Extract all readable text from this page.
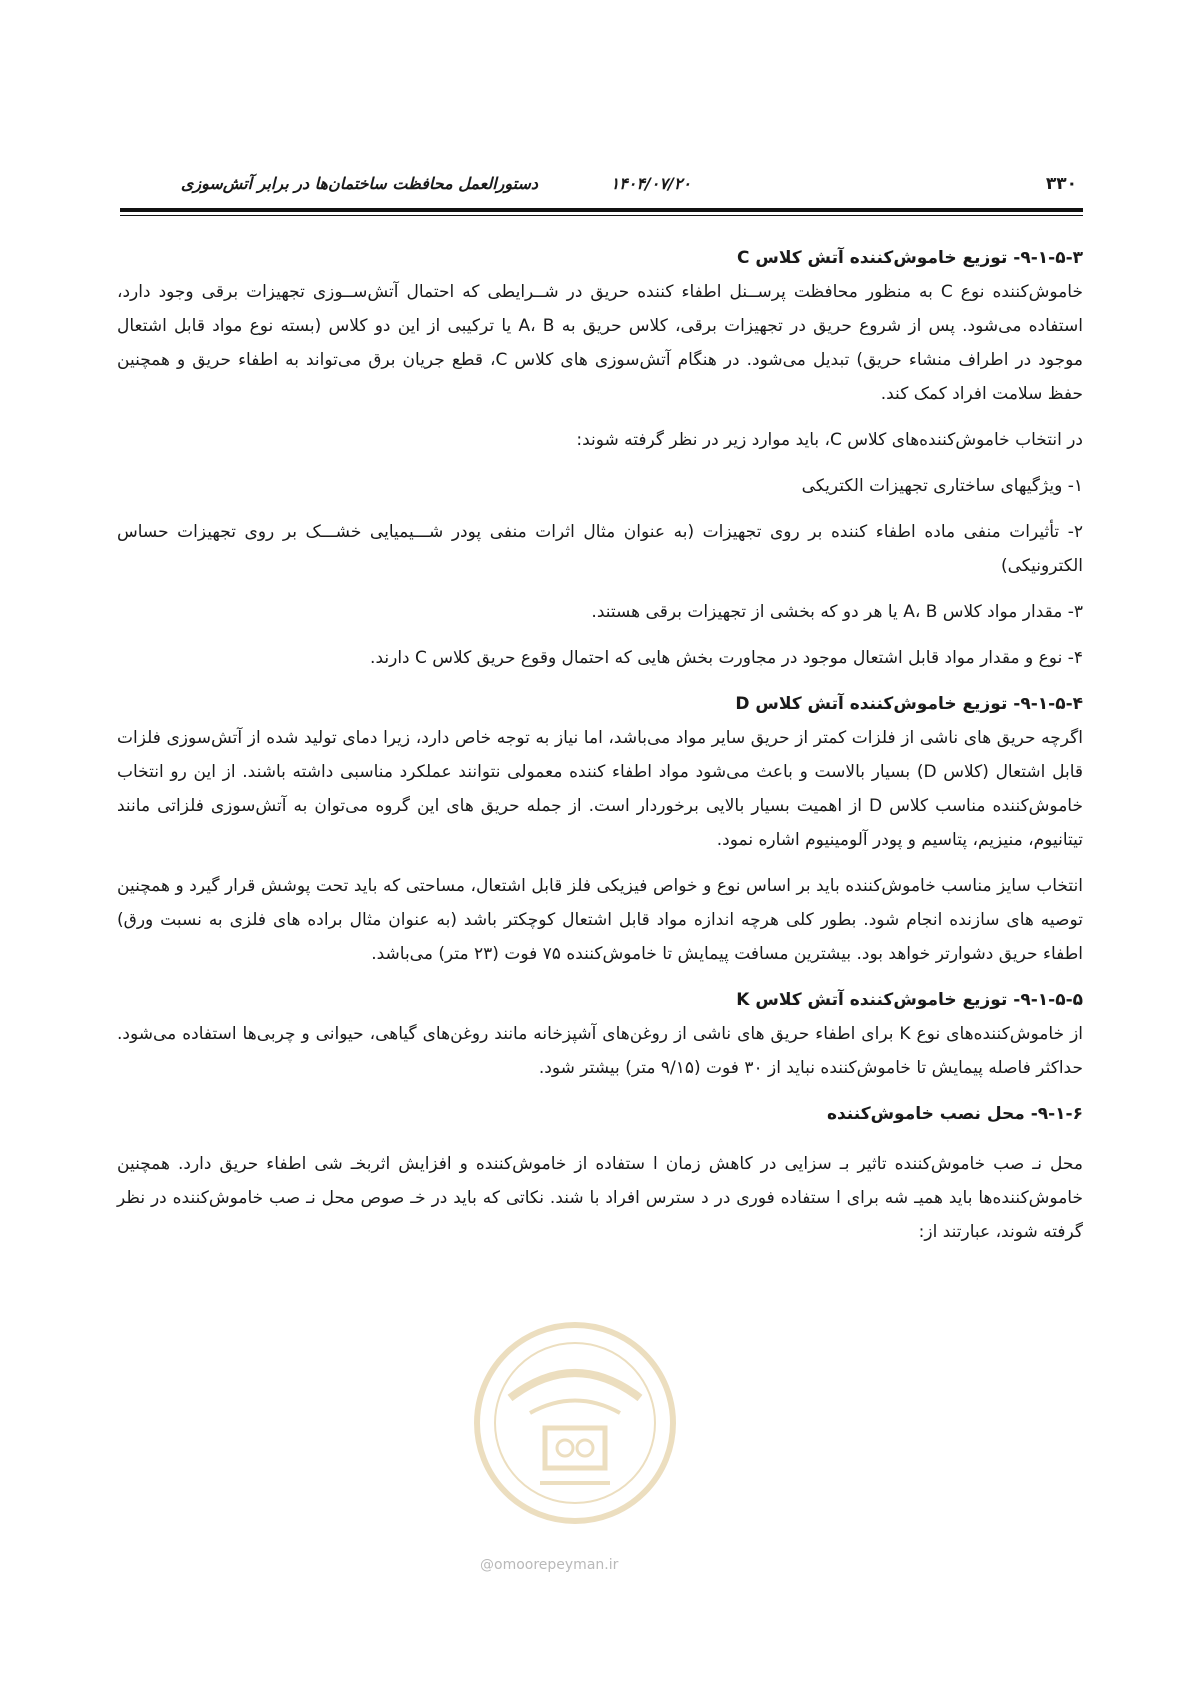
۳۳۰
۱۴۰۴/۰۷/۲۰
دستورالعمل محافظت ساختمان‌ها در برابر آتش‌سوزی
۹-۱-۵-۳- توزیع خاموش‌کننده آتش کلاس C

خاموش‌کننده نوع C به منظور محافظت پرســنل اطفاء کننده حریق در شــرایطی که احتمال آتش‌ســوزی تجهیزات برقی وجود دارد، استفاده می‌شود. پس از شروع حریق در تجهیزات برقی، کلاس حریق به A، B یا ترکیبی از این دو کلاس (بسته نوع مواد قابل اشتعال موجود در اطراف منشاء حریق) تبدیل می‌شود. در هنگام آتش‌سوزی های کلاس C، قطع جریان برق می‌تواند به اطفاء حریق و همچنین حفظ سلامت افراد کمک کند.

در انتخاب خاموش‌کننده‌های کلاس C، باید موارد زیر در نظر گرفته شوند:

۱- ویژگیهای ساختاری تجهیزات الکتریکی
۲- تأثیرات منفی ماده اطفاء کننده بر روی تجهیزات (به عنوان مثال اثرات منفی پودر شـــیمیایی خشـــک بر روی تجهیزات حساس الکترونیکی)
۳- مقدار مواد کلاس A، B یا هر دو که بخشی از تجهیزات برقی هستند.
۴- نوع و مقدار مواد قابل اشتعال موجود در مجاورت بخش هایی که احتمال وقوع حریق کلاس C دارند.
۹-۱-۵-۴- توزیع خاموش‌کننده آتش کلاس D

اگرچه حریق های ناشی از فلزات کمتر از حریق سایر مواد می‌باشد، اما نیاز به توجه خاص دارد، زیرا دمای تولید شده از آتش‌سوزی فلزات قابل اشتعال (کلاس D) بسیار بالاست و باعث می‌شود مواد اطفاء کننده معمولی نتوانند عملکرد مناسبی داشته باشند. از این رو انتخاب خاموش‌کننده مناسب کلاس D از اهمیت بسیار بالایی برخوردار است. از جمله حریق های این گروه می‌توان به آتش‌سوزی فلزاتی مانند تیتانیوم، منیزیم، پتاسیم و پودر آلومینیوم اشاره نمود.

انتخاب سایز مناسب خاموش‌کننده باید بر اساس نوع و خواص فیزیکی فلز قابل اشتعال، مساحتی که باید تحت پوشش قرار گیرد و همچنین توصیه های سازنده انجام شود. بطور کلی هرچه اندازه مواد قابل اشتعال کوچکتر باشد (به عنوان مثال براده های فلزی به نسبت ورق) اطفاء حریق دشوارتر خواهد بود. بیشترین مسافت پیمایش تا خاموش‌کننده ۷۵ فوت (۲۳ متر) می‌باشد.

۹-۱-۵-۵- توزیع خاموش‌کننده آتش کلاس K

از خاموش‌کننده‌های نوع K برای اطفاء حریق های ناشی از روغن‌های آشپزخانه مانند روغن‌های گیاهی، حیوانی و چربی‌ها استفاده می‌شود. حداکثر فاصله پیمایش تا خاموش‌کننده نباید از ۳۰ فوت (۹/۱۵ متر) بیشتر شود.

۹-۱-۶- محل نصب خاموش‌کننده

محل نـ صب خاموش‌کننده تاثیر بـ سزایی در کاهش زمان ا ستفاده از خاموش‌کننده و افزایش اثربخـ شی اطفاء حریق دارد. همچنین خاموش‌کننده‌ها باید همیـ شه برای ا ستفاده فوری در د سترس افراد با شند. نکاتی که باید در خـ صوص محل نـ صب خاموش‌کننده در نظر گرفته شوند، عبارتند از:

@omoorepeyman.ir
